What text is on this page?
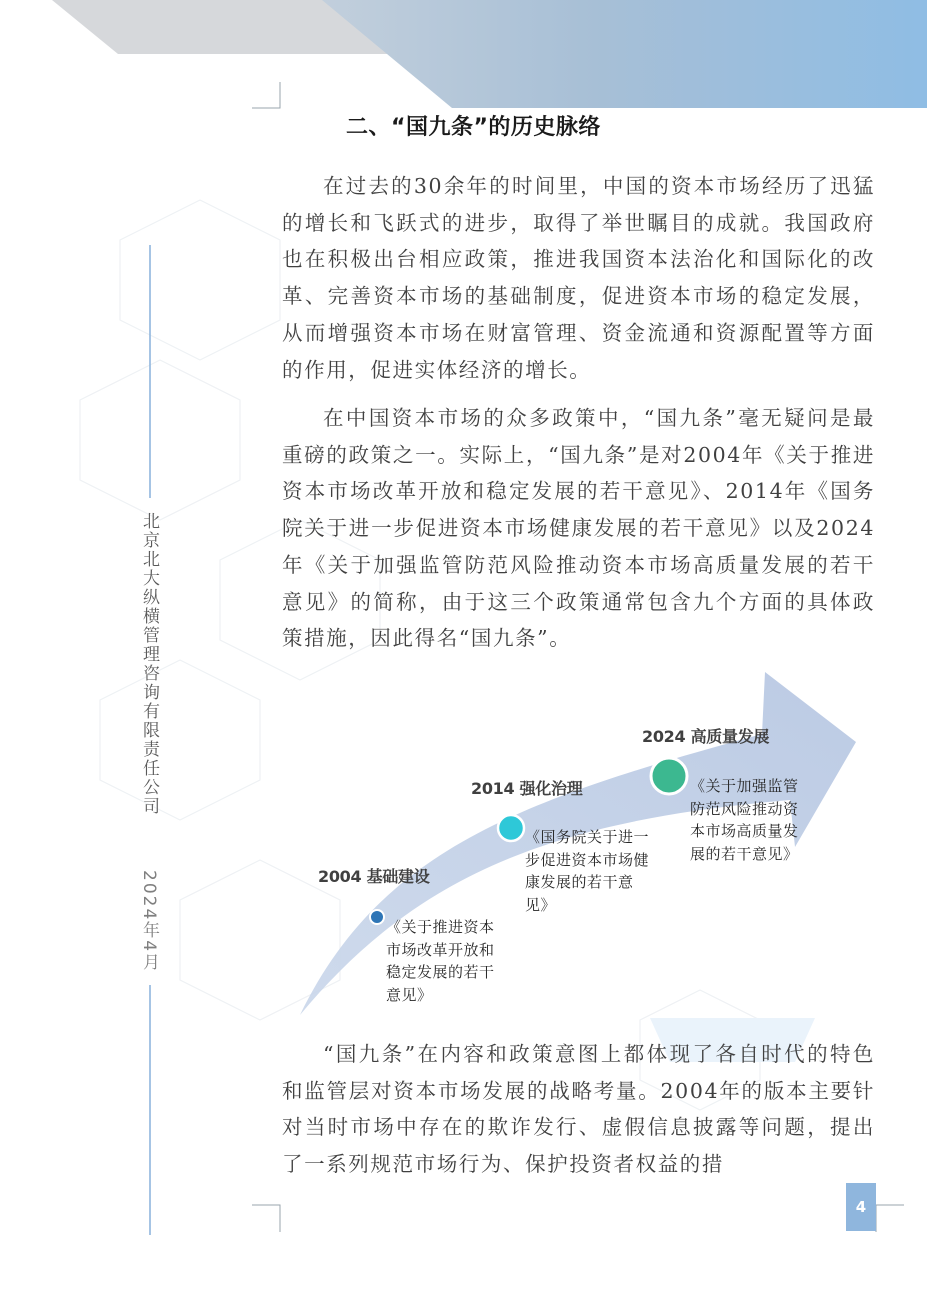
二、“国九条”的历史脉络

在过去的30余年的时间里，中国的资本市场经历了迅猛的增长和飞跃式的进步，取得了举世瞩目的成就。我国政府也在积极出台相应政策，推进我国资本法治化和国际化的改革、完善资本市场的基础制度，促进资本市场的稳定发展，从而增强资本市场在财富管理、资金流通和资源配置等方面的作用，促进实体经济的增长。

在中国资本市场的众多政策中，“国九条”毫无疑问是最重磅的政策之一。实际上，“国九条”是对2004年《关于推进资本市场改革开放和稳定发展的若干意见》、2014年《国务院关于进一步促进资本市场健康发展的若干意见》以及2024年《关于加强监管防范风险推动资本市场高质量发展的若干意见》的简称，由于这三个政策通常包含九个方面的具体政策措施，因此得名“国九条”。

2004 基础建设

《关于推进资本市场改革开放和稳定发展的若干意见》

2014 强化治理

《国务院关于进一步促进资本市场健康发展的若干意见》

2024 高质量发展

《关于加强监管防范风险推动资本市场高质量发展的若干意见》

“国九条”在内容和政策意图上都体现了各自时代的特色和监管层对资本市场发展的战略考量。2004年的版本主要针对当时市场中存在的欺诈发行、虚假信息披露等问题，提出了一系列规范市场行为、保护投资者权益的措

北京北大纵横管理咨询有限责任公司
2024年4月
4
